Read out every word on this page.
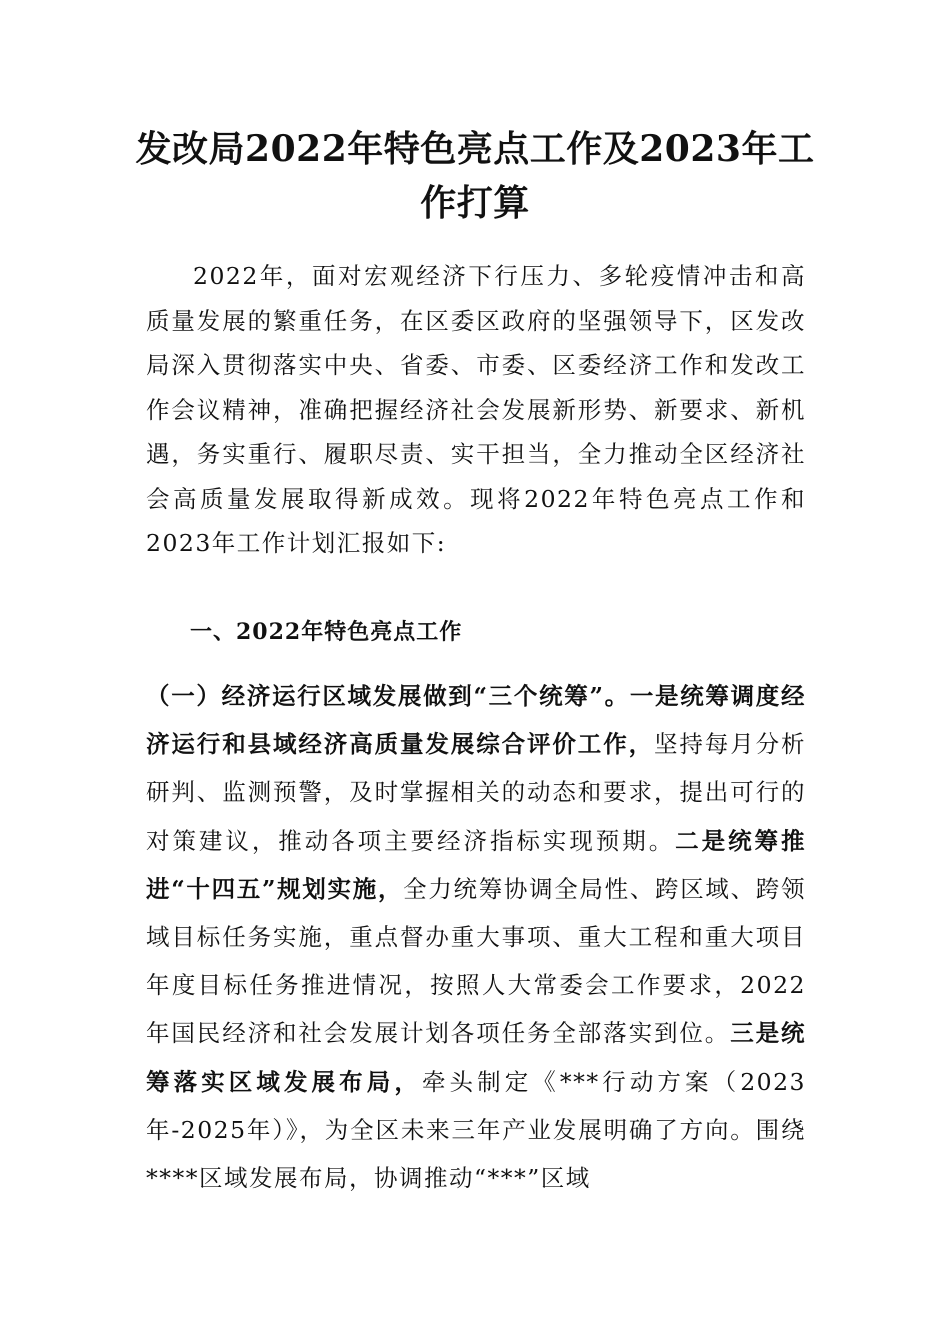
发改局2022年特色亮点工作及2023年工作打算
2022年，面对宏观经济下行压力、多轮疫情冲击和高质量发展的繁重任务，在区委区政府的坚强领导下，区发改局深入贯彻落实中央、省委、市委、区委经济工作和发改工作会议精神，准确把握经济社会发展新形势、新要求、新机遇，务实重行、履职尽责、实干担当，全力推动全区经济社会高质量发展取得新成效。现将2022年特色亮点工作和2023年工作计划汇报如下:
一、2022年特色亮点工作
（一）经济运行区域发展做到“三个统筹”。一是统筹调度经济运行和县域经济高质量发展综合评价工作，坚持每月分析研判、监测预警，及时掌握相关的动态和要求，提出可行的对策建议，推动各项主要经济指标实现预期。二是统筹推进“十四五”规划实施，全力统筹协调全局性、跨区域、跨领域目标任务实施，重点督办重大事项、重大工程和重大项目年度目标任务推进情况，按照人大常委会工作要求，2022年国民经济和社会发展计划各项任务全部落实到位。三是统筹落实区域发展布局，牵头制定《***行动方案（2023年-2025年）》，为全区未来三年产业发展明确了方向。围绕****区域发展布局，协调推动“***”区域
